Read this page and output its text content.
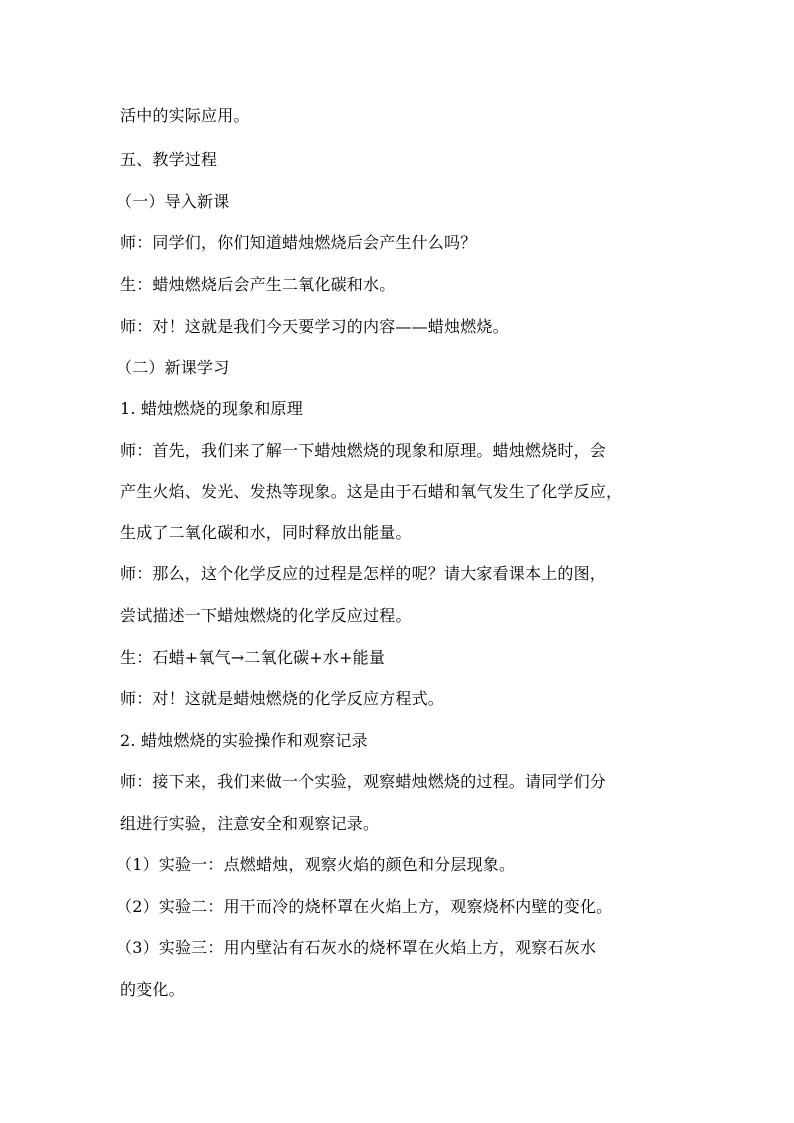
活中的实际应用。
五、教学过程
（一）导入新课
师：同学们，你们知道蜡烛燃烧后会产生什么吗？
生：蜡烛燃烧后会产生二氧化碳和水。
师：对！这就是我们今天要学习的内容——蜡烛燃烧。
（二）新课学习
1. 蜡烛燃烧的现象和原理
师：首先，我们来了解一下蜡烛燃烧的现象和原理。蜡烛燃烧时，会
产生火焰、发光、发热等现象。这是由于石蜡和氧气发生了化学反应，
生成了二氧化碳和水，同时释放出能量。
师：那么，这个化学反应的过程是怎样的呢？请大家看课本上的图，
尝试描述一下蜡烛燃烧的化学反应过程。
生：石蜡+氧气→二氧化碳+水+能量
师：对！这就是蜡烛燃烧的化学反应方程式。
2. 蜡烛燃烧的实验操作和观察记录
师：接下来，我们来做一个实验，观察蜡烛燃烧的过程。请同学们分
组进行实验，注意安全和观察记录。
（1）实验一：点燃蜡烛，观察火焰的颜色和分层现象。
（2）实验二：用干而冷的烧杯罩在火焰上方，观察烧杯内壁的变化。
（3）实验三：用内壁沾有石灰水的烧杯罩在火焰上方，观察石灰水
的变化。
